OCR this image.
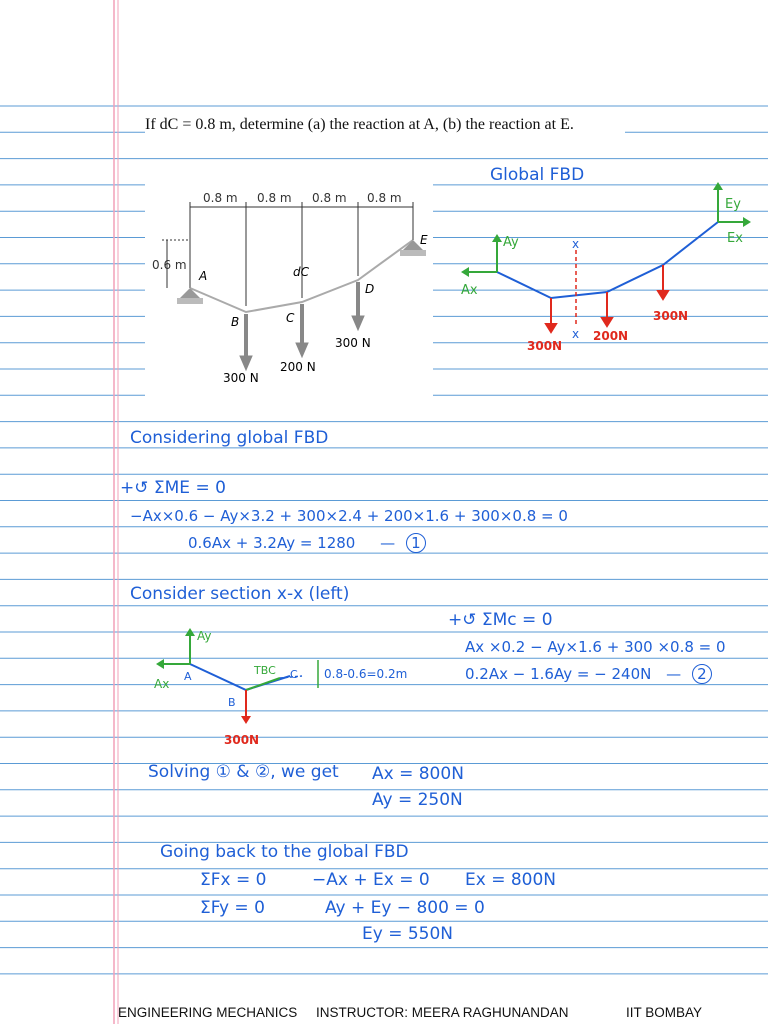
If dC = 0.8 m, determine (a) the reaction at A, (b) the reaction at E.
0.8 m 0.8 m 0.8 m 0.8 m
0.6 m
A
B	C
D
E
dC
300 N
200 N
300 N
Global FBD
Ay
Ax
Ey
Ex
x
x
300N
200N
300N
Considering global FBD
+↺ ΣME = 0
−Ax×0.6 − Ay×3.2 + 300×2.4 + 200×1.6 + 300×0.8 = 0
0.6Ax + 3.2Ay = 1280 — 1
Consider section x-x (left)
+↺ ΣMc = 0
Ax ×0.2 − Ay×1.6 + 300 ×0.8 = 0
0.2Ax − 1.6Ay = − 240N — 2
Ay
Ax
A
B
C
TBC	0.8-0.6=0.2m
300N
Solving ① & ②, we get Ax = 800N
Ay = 250N
Going back to the global FBD
ΣFx = 0	−Ax + Ex = 0 Ex = 800N
ΣFy = 0	Ay + Ey − 800 = 0
Ey = 550N
ENGINEERING MECHANICS INSTRUCTOR: MEERA RAGHUNANDAN	IIT BOMBAY
